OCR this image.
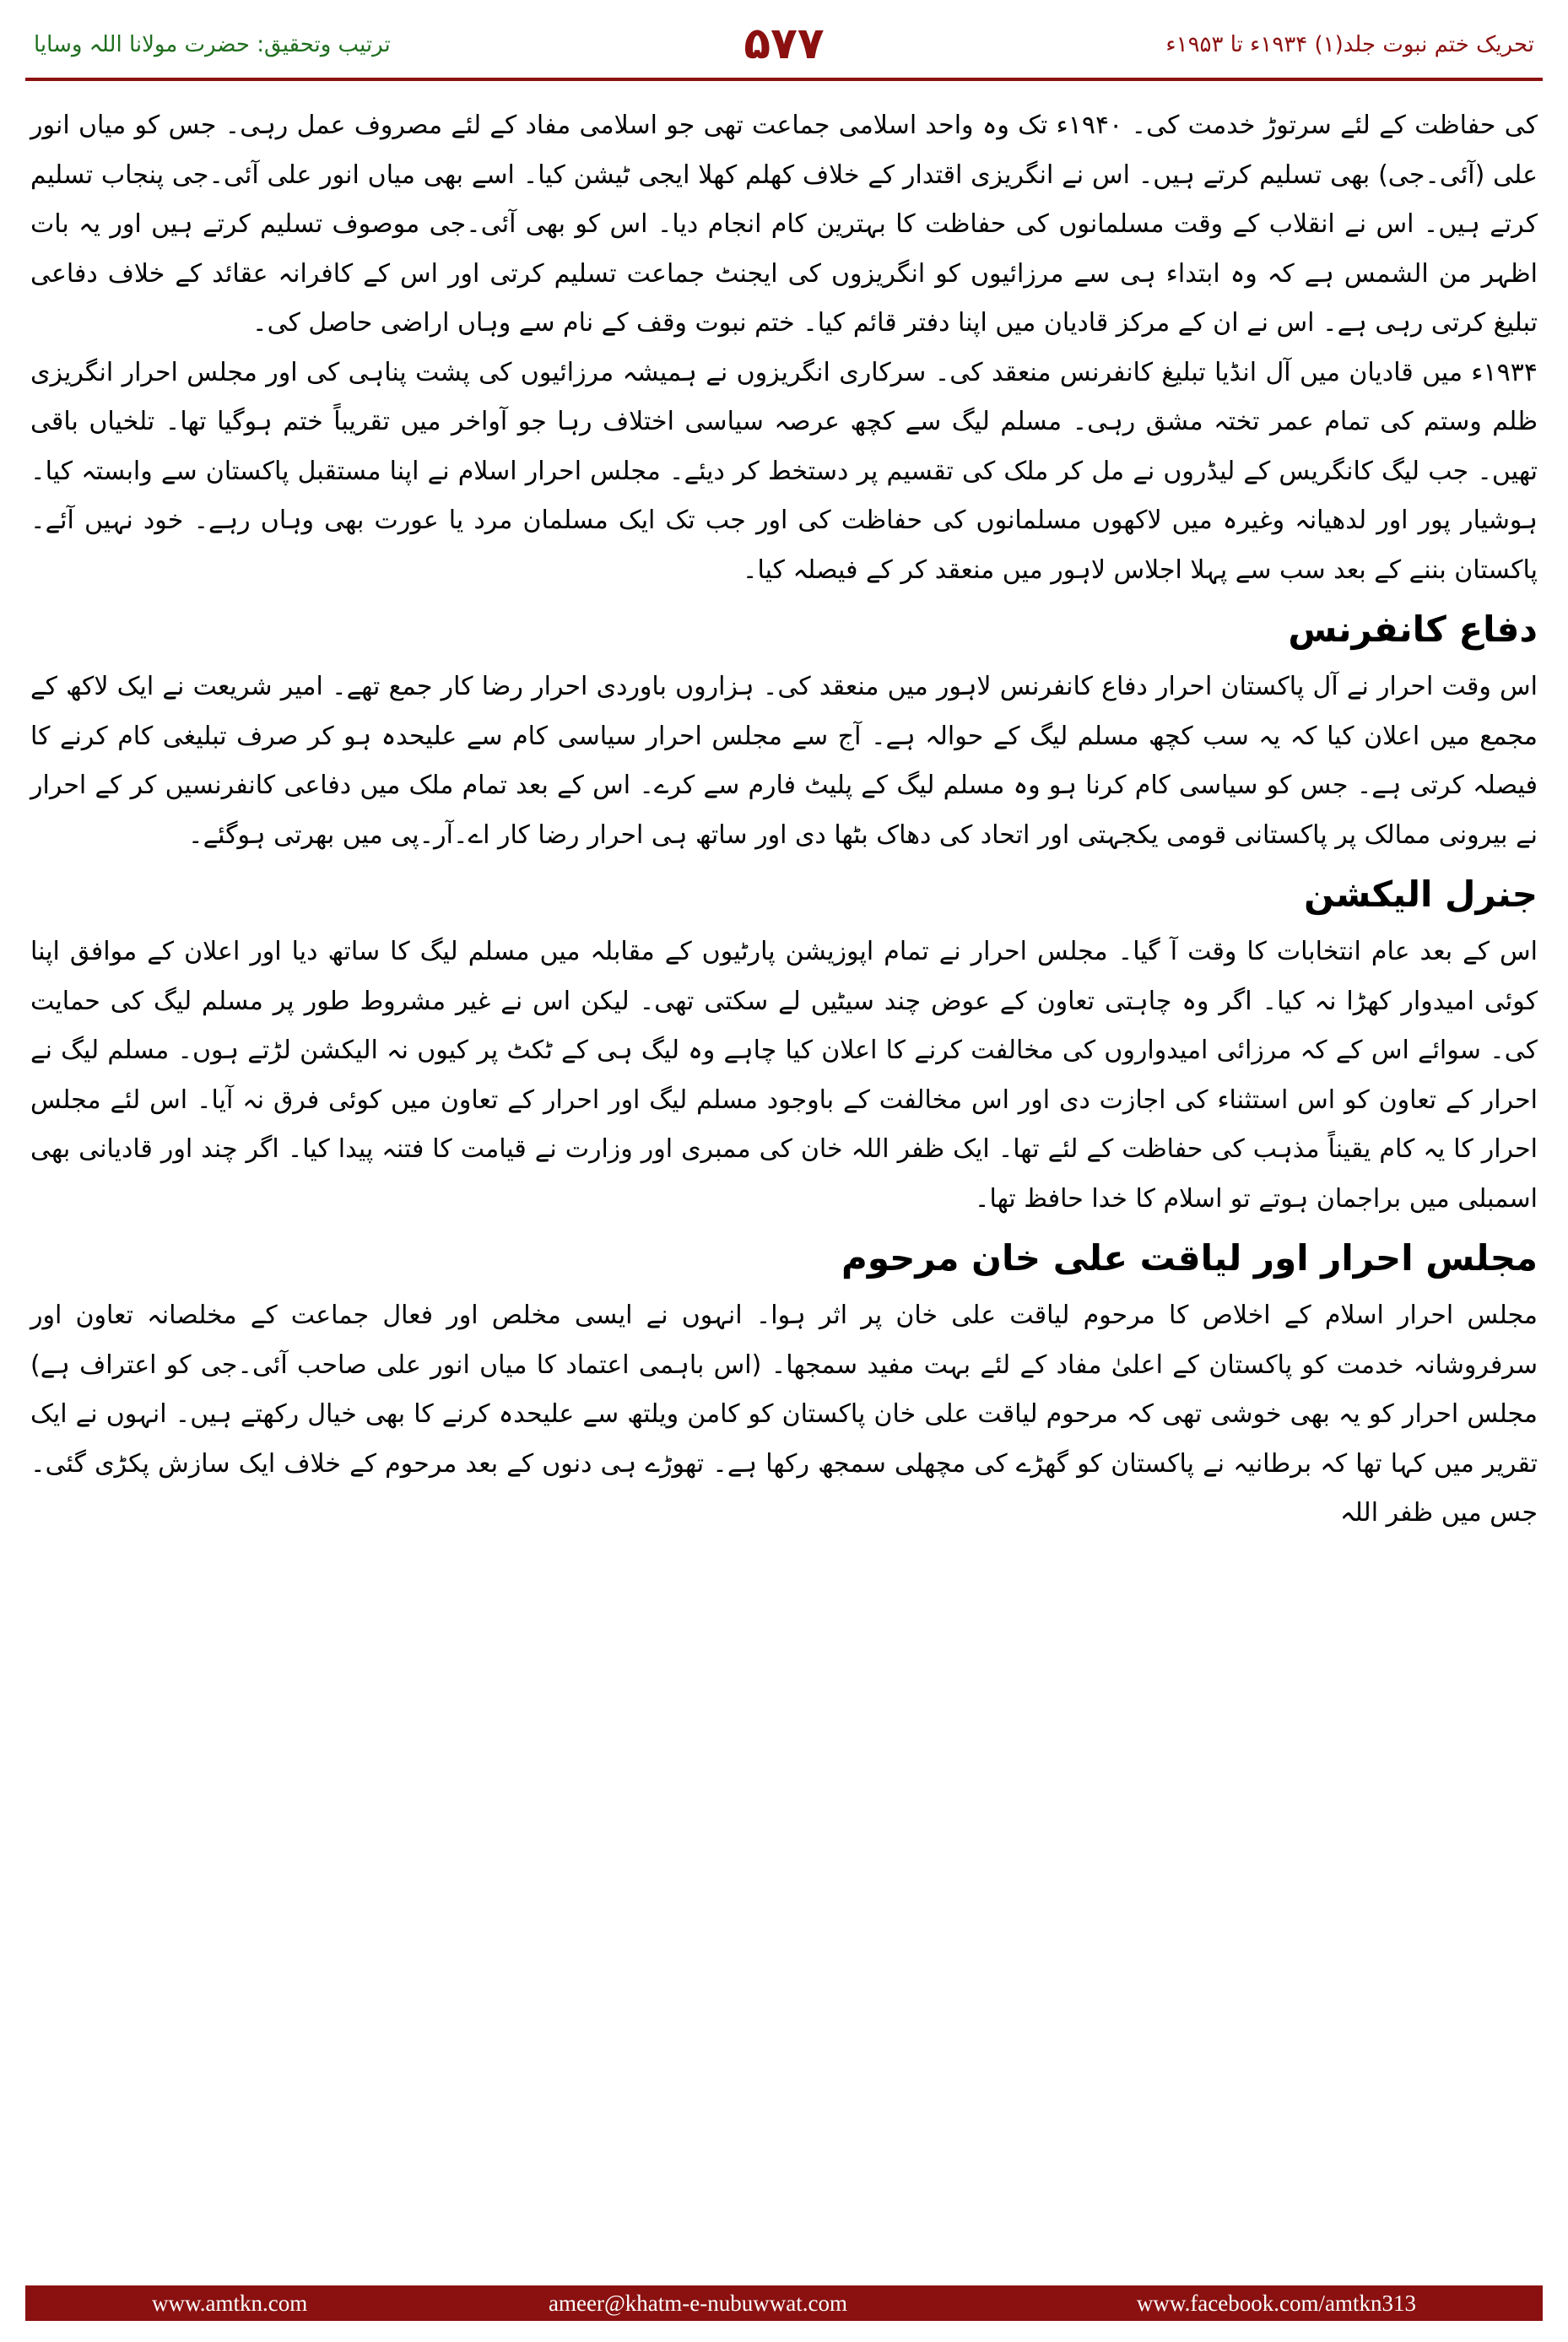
ترتیب وتحقیق: حضرت مولانا اللہ وسایا	۵۷۷	تحریک ختم نبوت جلد(۱) ۱۹۳۴ء تا ۱۹۵۳ء

کی حفاظت کے لئے سرتوڑ خدمت کی۔ ۱۹۴۰ء تک وہ واحد اسلامی جماعت تھی جو اسلامی مفاد کے لئے مصروف عمل رہی۔ جس کو میاں انور علی (آئی۔جی) بھی تسلیم کرتے ہیں۔ اس نے انگریزی اقتدار کے خلاف کھلم کھلا ایجی ٹیشن کیا۔ اسے بھی میاں انور علی آئی۔جی پنجاب تسلیم کرتے ہیں۔ اس نے انقلاب کے وقت مسلمانوں کی حفاظت کا بہترین کام انجام دیا۔ اس کو بھی آئی۔جی موصوف تسلیم کرتے ہیں اور یہ بات اظہر من الشمس ہے کہ وہ ابتداء ہی سے مرزائیوں کو انگریزوں کی ایجنٹ جماعت تسلیم کرتی اور اس کے کافرانہ عقائد کے خلاف دفاعی تبلیغ کرتی رہی ہے۔ اس نے ان کے مرکز قادیان میں اپنا دفتر قائم کیا۔ ختم نبوت وقف کے نام سے وہاں اراضی حاصل کی۔

۱۹۳۴ء میں قادیان میں آل انڈیا تبلیغ کانفرنس منعقد کی۔ سرکاری انگریزوں نے ہمیشہ مرزائیوں کی پشت پناہی کی اور مجلس احرار انگریزی ظلم وستم کی تمام عمر تختہ مشق رہی۔ مسلم لیگ سے کچھ عرصہ سیاسی اختلاف رہا جو آواخر میں تقریباً ختم ہوگیا تھا۔ تلخیاں باقی تھیں۔ جب لیگ کانگریس کے لیڈروں نے مل کر ملک کی تقسیم پر دستخط کر دیئے۔ مجلس احرار اسلام نے اپنا مستقبل پاکستان سے وابستہ کیا۔ ہوشیار پور اور لدھیانہ وغیرہ میں لاکھوں مسلمانوں کی حفاظت کی اور جب تک ایک مسلمان مرد یا عورت بھی وہاں رہے۔ خود نہیں آئے۔ پاکستان بننے کے بعد سب سے پہلا اجلاس لاہور میں منعقد کر کے فیصلہ کیا۔

دفاع کانفرنس

اس وقت احرار نے آل پاکستان احرار دفاع کانفرنس لاہور میں منعقد کی۔ ہزاروں باوردی احرار رضا کار جمع تھے۔ امیر شریعت نے ایک لاکھ کے مجمع میں اعلان کیا کہ یہ سب کچھ مسلم لیگ کے حوالہ ہے۔ آج سے مجلس احرار سیاسی کام سے علیحدہ ہو کر صرف تبلیغی کام کرنے کا فیصلہ کرتی ہے۔ جس کو سیاسی کام کرنا ہو وہ مسلم لیگ کے پلیٹ فارم سے کرے۔ اس کے بعد تمام ملک میں دفاعی کانفرنسیں کر کے احرار نے بیرونی ممالک پر پاکستانی قومی یکجہتی اور اتحاد کی دھاک بٹھا دی اور ساتھ ہی احرار رضا کار اے۔آر۔پی میں بھرتی ہوگئے۔

جنرل الیکشن

اس کے بعد عام انتخابات کا وقت آ گیا۔ مجلس احرار نے تمام اپوزیشن پارٹیوں کے مقابلہ میں مسلم لیگ کا ساتھ دیا اور اعلان کے موافق اپنا کوئی امیدوار کھڑا نہ کیا۔ اگر وہ چاہتی تعاون کے عوض چند سیٹیں لے سکتی تھی۔ لیکن اس نے غیر مشروط طور پر مسلم لیگ کی حمایت کی۔ سوائے اس کے کہ مرزائی امیدواروں کی مخالفت کرنے کا اعلان کیا چاہے وہ لیگ ہی کے ٹکٹ پر کیوں نہ الیکشن لڑتے ہوں۔ مسلم لیگ نے احرار کے تعاون کو اس استثناء کی اجازت دی اور اس مخالفت کے باوجود مسلم لیگ اور احرار کے تعاون میں کوئی فرق نہ آیا۔ اس لئے مجلس احرار کا یہ کام یقیناً مذہب کی حفاظت کے لئے تھا۔ ایک ظفر اللہ خان کی ممبری اور وزارت نے قیامت کا فتنہ پیدا کیا۔ اگر چند اور قادیانی بھی اسمبلی میں براجمان ہوتے تو اسلام کا خدا حافظ تھا۔

مجلس احرار اور لیاقت علی خان مرحوم

مجلس احرار اسلام کے اخلاص کا مرحوم لیاقت علی خان پر اثر ہوا۔ انہوں نے ایسی مخلص اور فعال جماعت کے مخلصانہ تعاون اور سرفروشانہ خدمت کو پاکستان کے اعلیٰ مفاد کے لئے بہت مفید سمجھا۔ (اس باہمی اعتماد کا میاں انور علی صاحب آئی۔جی کو اعتراف ہے) مجلس احرار کو یہ بھی خوشی تھی کہ مرحوم لیاقت علی خان پاکستان کو کامن ویلتھ سے علیحدہ کرنے کا بھی خیال رکھتے ہیں۔ انہوں نے ایک تقریر میں کہا تھا کہ برطانیہ نے پاکستان کو گھڑے کی مچھلی سمجھ رکھا ہے۔ تھوڑے ہی دنوں کے بعد مرحوم کے خلاف ایک سازش پکڑی گئی۔ جس میں ظفر اللہ

www.amtkn.com	ameer@khatm-e-nubuwwat.com	www.facebook.com/amtkn313
